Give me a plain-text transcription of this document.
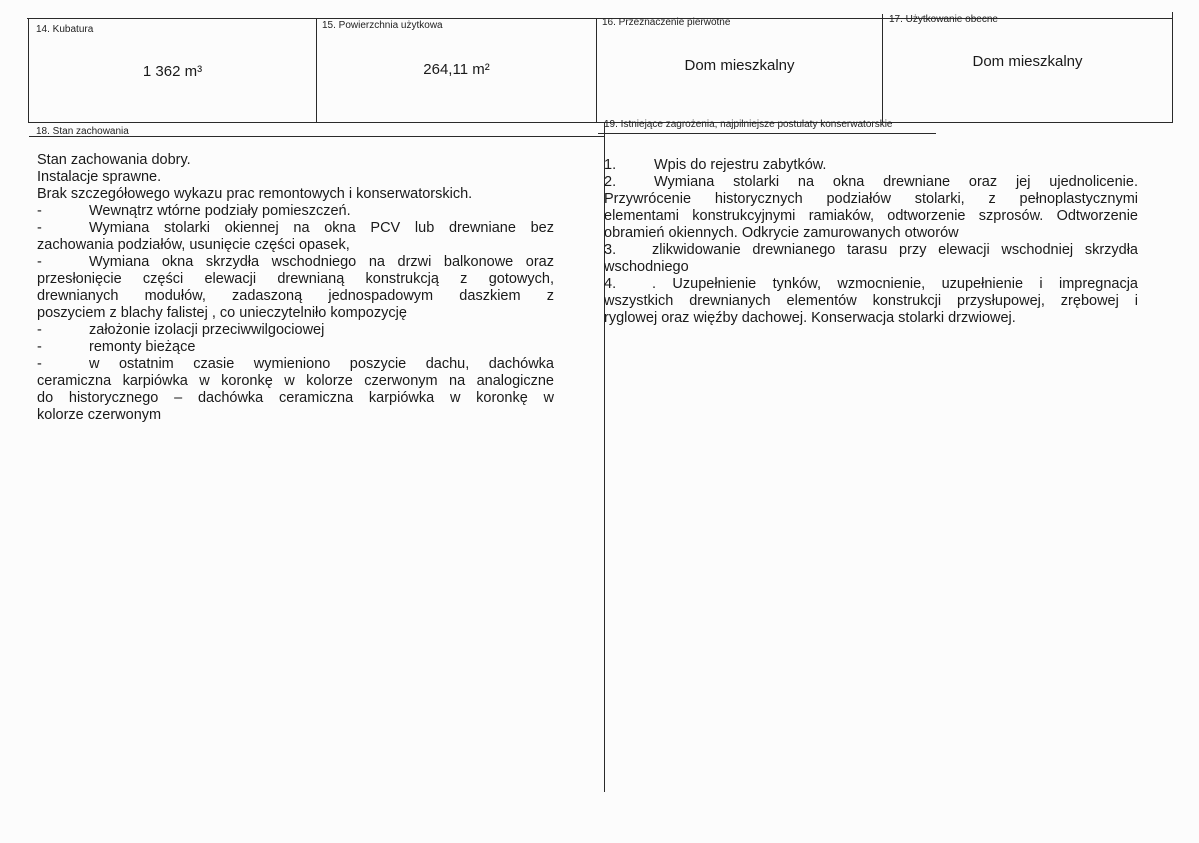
14. Kubatura
1 362 m³
15. Powierzchnia użytkowa
264,11 m²
16. Przeznaczenie pierwotne
Dom mieszkalny
17. Użytkowanie obecne
Dom mieszkalny
18. Stan zachowania

Stan zachowania dobry.

Instalacje sprawne.

Brak szczegółowego wykazu prac remontowych i konserwatorskich.

-	Wewnątrz wtórne podziały pomieszczeń.

-	Wymiana stolarki okiennej na okna PCV lub drewniane bez

zachowania podziałów, usunięcie części opasek,

-	Wymiana okna skrzydła wschodniego na drzwi balkonowe oraz

przesłonięcie części elewacji drewnianą konstrukcją z gotowych,

drewnianych modułów, zadaszoną jednospadowym daszkiem z

poszyciem z blachy falistej , co unieczytelniło kompozycję

-	założonie izolacji przeciwwilgociowej

-	remonty bieżące

-	w ostatnim czasie wymieniono poszycie dachu, dachówka

ceramiczna karpiówka w koronkę w kolorze czerwonym na analogiczne

do historycznego – dachówka ceramiczna karpiówka w koronkę w

kolorze czerwonym

19. Istniejące zagrożenia, najpilniejsze postulaty konserwatorskie

1.	Wpis do rejestru zabytków.

2.	Wymiana stolarki na okna drewniane oraz jej ujednolicenie.

Przywrócenie historycznych podziałów stolarki, z pełnoplastycznymi

elementami konstrukcyjnymi ramiaków, odtworzenie szprosów. Odtworzenie

obramień okiennych. Odkrycie zamurowanych otworów

3. zlikwidowanie drewnianego tarasu przy elewacji wschodniej skrzydła

wschodniego

4. . Uzupełnienie tynków, wzmocnienie, uzupełnienie i impregnacja

wszystkich drewnianych elementów konstrukcji przysłupowej, zrębowej i

ryglowej oraz więźby dachowej. Konserwacja stolarki drzwiowej.
